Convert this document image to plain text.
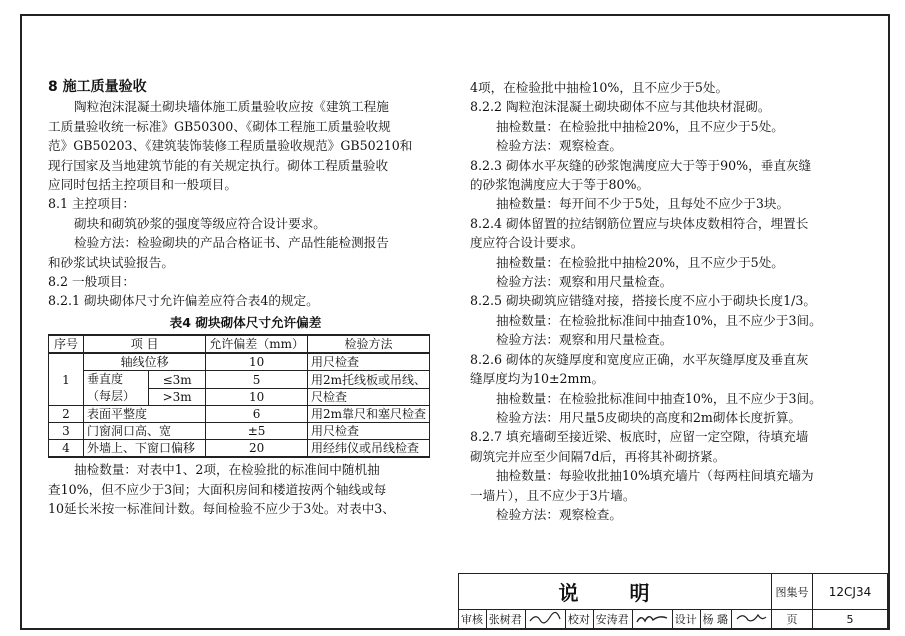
8 施工质量验收

陶粒泡沫混凝土砌块墙体施工质量验收应按《建筑工程施

工质量验收统一标准》GB50300、《砌体工程施工质量验收规

范》GB50203、《建筑装饰装修工程质量验收规范》GB50210和

现行国家及当地建筑节能的有关规定执行。砌体工程质量验收

应同时包括主控项目和一般项目。

8.1 主控项目：

砌块和砌筑砂浆的强度等级应符合设计要求。

检验方法：检验砌块的产品合格证书、产品性能检测报告

和砂浆试块试验报告。

8.2 一般项目：

8.2.1 砌块砌体尺寸允许偏差应符合表4的规定。

表4 砌块砌体尺寸允许偏差

序号	项 目		允许偏差（mm）	检验方法
1	轴线位移		10	用尺检查
	垂直度
（每层）	≤3m	5	用2m托线板或吊线、
		>3m	10	尺检查
2	表面平整度		6	用2m靠尺和塞尺检查
3	门窗洞口高、宽		±5	用尺检查
4	外墙上、下窗口偏移		20	用经纬仪或吊线检查

抽检数量：对表中1、2项，在检验批的标准间中随机抽

查10%，但不应少于3间；大面积房间和楼道按两个轴线或每

10延长米按一标准间计数。每间检验不应少于3处。对表中3、

4项，在检验批中抽检10%，且不应少于5处。

8.2.2 陶粒泡沫混凝土砌块砌体不应与其他块材混砌。

抽检数量：在检验批中抽检20%，且不应少于5处。

检验方法：观察检查。

8.2.3 砌体水平灰缝的砂浆饱满度应大于等于90%，垂直灰缝

的砂浆饱满度应大于等于80%。

抽检数量：每开间不少于5处，且每处不应少于3块。

8.2.4 砌体留置的拉结钢筋位置应与块体皮数相符合，埋置长

度应符合设计要求。

抽检数量：在检验批中抽检20%，且不应少于5处。

检验方法：观察和用尺量检查。

8.2.5 砌块砌筑应错缝对接，搭接长度不应小于砌块长度1/3。

抽检数量：在检验批标准间中抽查10%，且不应少于3间。

检验方法：观察和用尺量检查。

8.2.6 砌体的灰缝厚度和宽度应正确，水平灰缝厚度及垂直灰

缝厚度均为10±2mm。

抽检数量：在检验批标准间中抽查10%，且不应少于3间。

检验方法：用尺量5皮砌块的高度和2m砌体长度折算。

8.2.7 填充墙砌至接近梁、板底时，应留一定空隙，待填充墙

砌筑完并应至少间隔7d后，再将其补砌挤紧。

抽检数量：每验收批抽10%填充墙片（每两柱间填充墙为

一墙片），且不应少于3片墙。

检验方法：观察检查。

说 明									图集号	12CJ34
审核	张树君		校对	安涛君		设计	杨 璐		页	5
